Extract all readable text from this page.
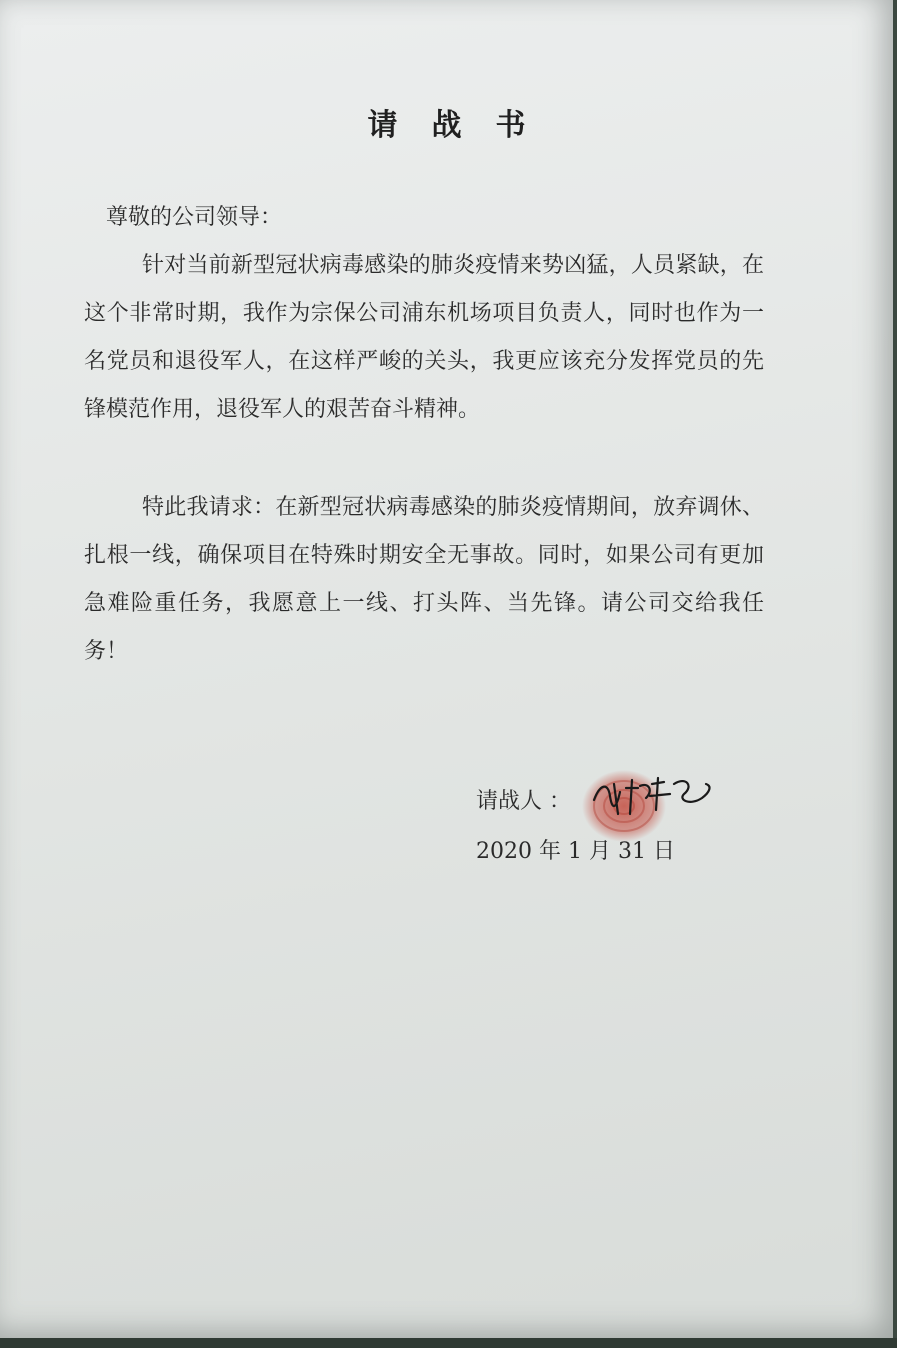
请战书
尊敬的公司领导：
针对当前新型冠状病毒感染的肺炎疫情来势凶猛，人员紧缺，在这个非常时期，我作为宗保公司浦东机场项目负责人，同时也作为一名党员和退役军人，在这样严峻的关头，我更应该充分发挥党员的先锋模范作用，退役军人的艰苦奋斗精神。
特此我请求：在新型冠状病毒感染的肺炎疫情期间，放弃调休、扎根一线，确保项目在特殊时期安全无事故。同时，如果公司有更加急难险重任务，我愿意上一线、打头阵、当先锋。请公司交给我任务！
请战人 ：
2020 年 1 月 31 日
